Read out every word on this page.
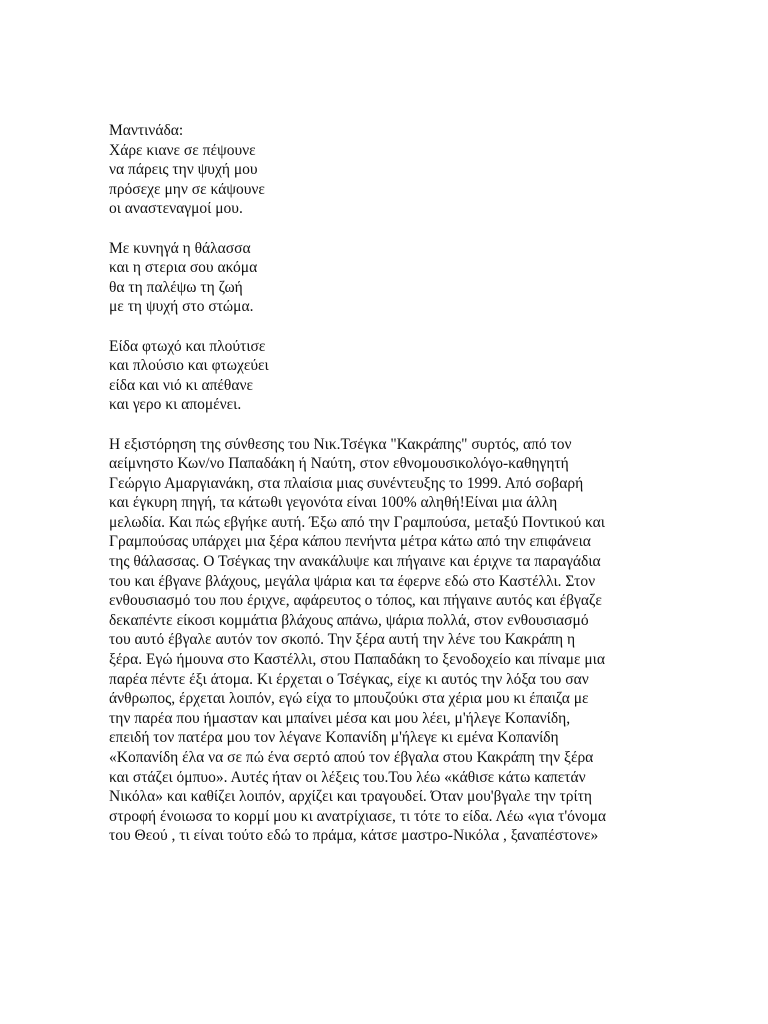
Μαντινάδα:
Χάρε κιανε σε πέψουνε
να πάρεις την ψυχή μου
πρόσεχε μην σε κάψουνε
οι αναστεναγμοί μου.
Με κυνηγά η θάλασσα
και η στερια σου ακόμα
θα τη παλέψω τη ζωή
με τη ψυχή στο στώμα.
Είδα φτωχό και πλούτισε
και πλούσιο και φτωχεύει
είδα και νιό κι απέθανε
και γερο κι απομένει.
Η εξιστόρηση της σύνθεσης του Νικ.Τσέγκα "Κακράπης" συρτός, από τον
αείμνηστο Κων/νο Παπαδάκη ή Ναύτη, στον εθνομουσικολόγο-καθηγητή
Γεώργιο Αμαργιανάκη, στα πλαίσια μιας συνέντευξης το 1999. Από σοβαρή
και έγκυρη πηγή, τα κάτωθι γεγονότα είναι 100% αληθή!Είναι μια άλλη
μελωδία. Και πώς εβγήκε αυτή. Έξω από την Γραμπούσα, μεταξύ Ποντικού και
Γραμπούσας υπάρχει μια ξέρα κάπου πενήντα μέτρα κάτω από την επιφάνεια
της θάλασσας. Ο Τσέγκας την ανακάλυψε και πήγαινε και έριχνε τα παραγάδια
του και έβγανε βλάχους, μεγάλα ψάρια και τα έφερνε εδώ στο Καστέλλι. Στον
ενθουσιασμό του που έριχνε, αφάρευτος ο τόπος, και πήγαινε αυτός και έβγαζε
δεκαπέντε είκοσι κομμάτια βλάχους απάνω, ψάρια πολλά, στον ενθουσιασμό
του αυτό έβγαλε αυτόν τον σκοπό. Την ξέρα αυτή την λένε του Κακράπη η
ξέρα. Εγώ ήμουνα στο Καστέλλι, στου Παπαδάκη το ξενοδοχείο και πίναμε μια
παρέα πέντε έξι άτομα. Κι έρχεται ο Τσέγκας, είχε κι αυτός την λόξα του σαν
άνθρωπος, έρχεται λοιπόν, εγώ είχα το μπουζούκι στα χέρια μου κι έπαιζα με
την παρέα που ήμασταν και μπαίνει μέσα και μου λέει, μ'ήλεγε Κοπανίδη,
επειδή τον πατέρα μου τον λέγανε Κοπανίδη μ'ήλεγε κι εμένα Κοπανίδη
«Κοπανίδη έλα να σε πώ ένα σερτό απού τον έβγαλα στου Κακράπη την ξέρα
και στάζει όμπυο». Αυτές ήταν οι λέξεις του.Του λέω «κάθισε κάτω καπετάν
Νικόλα» και καθίζει λοιπόν, αρχίζει και τραγουδεί. Όταν μου'βγαλε την τρίτη
στροφή ένοιωσα το κορμί μου κι ανατρίχιασε, τι τότε το είδα. Λέω «για τ'όνομα
του Θεού , τι είναι τούτο εδώ το πράμα, κάτσε μαστρο-Νικόλα , ξαναπέστονε»
